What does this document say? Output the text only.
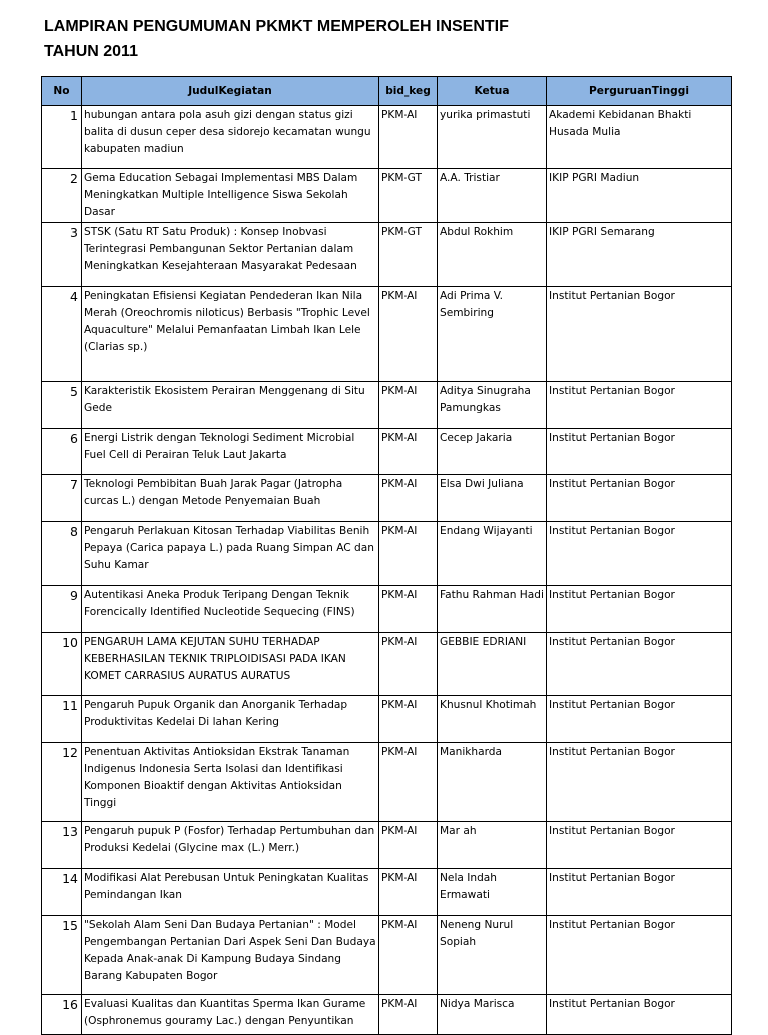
LAMPIRAN PENGUMUMAN PKMKT MEMPEROLEH INSENTIF
TAHUN 2011
No	JudulKegiatan	bid_keg	Ketua	PerguruanTinggi
1	hubungan antara pola asuh gizi dengan status gizi balita di dusun ceper desa sidorejo kecamatan wungu kabupaten madiun	PKM-AI	yurika primastuti	Akademi Kebidanan Bhakti Husada Mulia
2	Gema Education Sebagai Implementasi MBS Dalam Meningkatkan Multiple Intelligence Siswa Sekolah Dasar	PKM-GT	A.A. Tristiar	IKIP PGRI Madiun
3	STSK (Satu RT Satu Produk) : Konsep Inobvasi Terintegrasi Pembangunan Sektor Pertanian dalam Meningkatkan Kesejahteraan Masyarakat Pedesaan	PKM-GT	Abdul Rokhim	IKIP PGRI Semarang
4	Peningkatan Efisiensi Kegiatan Pendederan Ikan Nila Merah (Oreochromis niloticus) Berbasis "Trophic Level Aquaculture" Melalui Pemanfaatan Limbah Ikan Lele (Clarias sp.)	PKM-AI	Adi Prima V. Sembiring	Institut Pertanian Bogor
5	Karakteristik Ekosistem Perairan Menggenang di Situ Gede	PKM-AI	Aditya Sinugraha Pamungkas	Institut Pertanian Bogor
6	Energi Listrik dengan Teknologi Sediment Microbial Fuel Cell di Perairan Teluk Laut Jakarta	PKM-AI	Cecep Jakaria	Institut Pertanian Bogor
7	Teknologi Pembibitan Buah Jarak Pagar (Jatropha curcas L.) dengan Metode Penyemaian Buah	PKM-AI	Elsa Dwi Juliana	Institut Pertanian Bogor
8	Pengaruh Perlakuan Kitosan Terhadap Viabilitas Benih Pepaya (Carica papaya L.) pada Ruang Simpan AC dan Suhu Kamar	PKM-AI	Endang Wijayanti	Institut Pertanian Bogor
9	Autentikasi Aneka Produk Teripang Dengan Teknik Forencically Identified Nucleotide Sequecing (FINS)	PKM-AI	Fathu Rahman Hadi	Institut Pertanian Bogor
10	PENGARUH LAMA KEJUTAN SUHU TERHADAP KEBERHASILAN TEKNIK TRIPLOIDISASI PADA IKAN KOMET CARRASIUS AURATUS AURATUS	PKM-AI	GEBBIE EDRIANI	Institut Pertanian Bogor
11	Pengaruh Pupuk Organik dan Anorganik Terhadap Produktivitas Kedelai Di lahan Kering	PKM-AI	Khusnul Khotimah	Institut Pertanian Bogor
12	Penentuan Aktivitas Antioksidan Ekstrak Tanaman Indigenus Indonesia Serta Isolasi dan Identifikasi Komponen Bioaktif dengan Aktivitas Antioksidan Tinggi	PKM-AI	Manikharda	Institut Pertanian Bogor
13	Pengaruh pupuk P (Fosfor) Terhadap Pertumbuhan dan Produksi Kedelai (Glycine max (L.) Merr.)	PKM-AI	Mar ah	Institut Pertanian Bogor
14	Modifikasi Alat Perebusan Untuk Peningkatan Kualitas Pemindangan Ikan	PKM-AI	Nela Indah Ermawati	Institut Pertanian Bogor
15	"Sekolah Alam Seni Dan Budaya Pertanian" : Model Pengembangan Pertanian Dari Aspek Seni Dan Budaya Kepada Anak-anak Di Kampung Budaya Sindang Barang Kabupaten Bogor	PKM-AI	Neneng Nurul Sopiah	Institut Pertanian Bogor
16	Evaluasi Kualitas dan Kuantitas Sperma Ikan Gurame (Osphronemus gouramy Lac.) dengan Penyuntikan	PKM-AI	Nidya Marisca	Institut Pertanian Bogor
